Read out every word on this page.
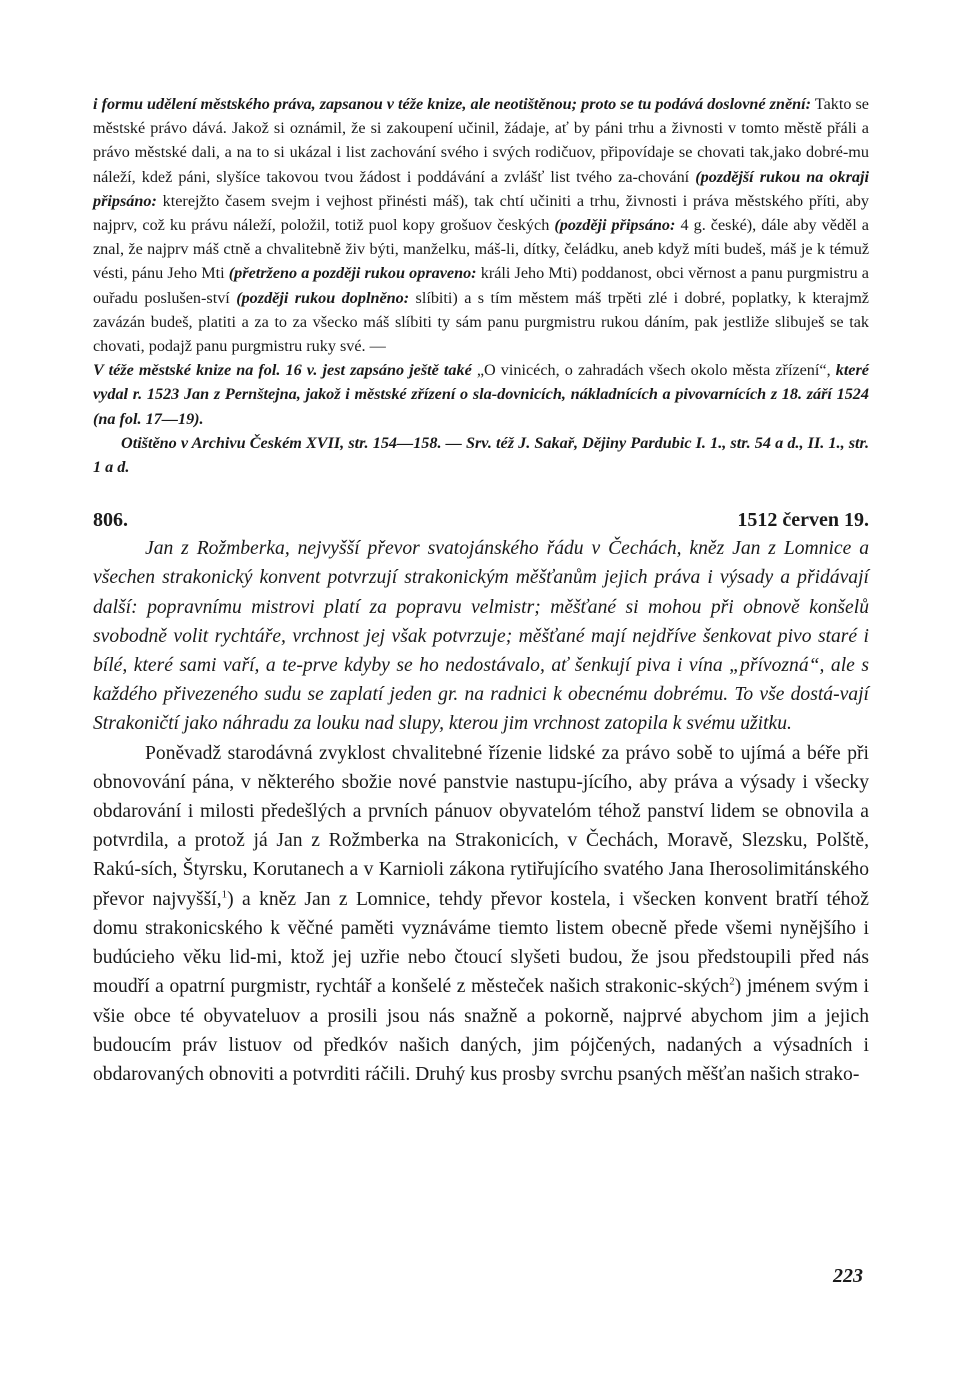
i formu udělení městského práva, zapsanou v téže knize, ale neotištěnou; proto se tu podává doslovné znění: Takto se městské právo dává. Jakož si oznámil, že si zakoupení učinil, žádaje, ať by páni trhu a živnosti v tomto městě přáli a právo městské dali, a na to si ukázal i list zachování svého i svých rodičuov, připovídaje se chovati tak,jako dobré-mu náleží, kdež páni, slyšíce takovou tvou žádost i poddávání a zvlášť list tvého za-chování (pozdější rukou na okraji připsáno: kterejžto časem svejm i vejhost přinésti máš), tak chtí učiniti a trhu, živnosti i práva městského příti, aby najprv, což ku právu náleží, položil, totiž puol kopy grošuov českých (později připsáno: 4 g. české), dále aby věděl a znal, že najprv máš ctně a chvalitebně živ býti, manželku, máš-li, dítky, čeládku, aneb když míti budeš, máš je k témuž vésti, pánu Jeho Mti (přetrženo a později rukou opraveno: králi Jeho Mti) poddanost, obci věrnost a panu purgmistru a ouřadu poslušen-ství (později rukou doplněno: slíbiti) a s tím městem máš trpěti zlé i dobré, poplatky, k kterajmž zavázán budeš, platiti a za to za všecko máš slíbiti ty sám panu purgmistru rukou dáním, pak jestliže slibuješ se tak chovati, podajž panu purgmistru ruky své. —

V téže městské knize na fol. 16 v. jest zapsáno ještě také „O vinicéch, o zahradách všech okolo města zřízení“, které vydal r. 1523 Jan z Pernštejna, jakož i městské zřízení o sla-dovnicích, nákladnících a pivovarnících z 18. září 1524 (na fol. 17—19).

Otištěno v Archivu Českém XVII, str. 154—158. — Srv. též J. Sakař, Dějiny Pardubic I. 1., str. 54 a d., II. 1., str. 1 a d.

806.	1512 červen 19.

Jan z Rožmberka, nejvyšší převor svatojánského řádu v Čechách, kněz Jan z Lomnice a všechen strakonický konvent potvrzují strakonickým měšťanům jejich práva i výsady a přidávají další: popravnímu mistrovi platí za popravu velmistr; měšťané si mohou při obnově konšelů svobodně volit rychtáře, vrchnost jej však potvrzuje; měšťané mají nejdříve šenkovat pivo staré i bílé, které sami vaří, a te-prve kdyby se ho nedostávalo, ať šenkují piva i vína „přívozná“, ale s každého přivezeného sudu se zaplatí jeden gr. na radnici k obecnému dobrému. To vše dostá-vají Strakoničtí jako náhradu za louku nad slupy, kterou jim vrchnost zatopila k svému užitku.

Poněvadž starodávná zvyklost chvalitebné řízenie lidské za právo sobě to ujímá a béře při obnovování pána, v některého sbožie nové panstvie nastupu-jícího, aby práva a výsady i všecky obdarování i milosti předešlých a prvních pánuov obyvatelóm téhož panství lidem se obnovila a potvrdila, a protož já Jan z Rožmberka na Strakonicích, v Čechách, Moravě, Slezsku, Polště, Rakú-sích, Štyrsku, Korutanech a v Karnioli zákona rytiřujícího svatého Jana Iherosolimitánského převor najvyšší,$^1$) a kněz Jan z Lomnice, tehdy převor kostela, i všecken konvent bratří téhož domu strakonicského k věčné paměti vyznáváme tiemto listem obecně přede všemi nynějšího i budúcieho věku lid-mi, ktož jej uzřie nebo čtoucí slyšeti budou, že jsou předstoupili před nás moudří a opatrní purgmistr, rychtář a konšelé z městeček našich strakonic-ských$^2$) jménem svým i všie obce té obyvateluov a prosili jsou nás snažně a pokorně, najprvé abychom jim a jejich budoucím práv listuov od předkóv našich daných, jim pójčených, nadaných a výsadních i obdarovaných obnoviti a potvrditi ráčili. Druhý kus prosby svrchu psaných měšťan našich strako-

223
